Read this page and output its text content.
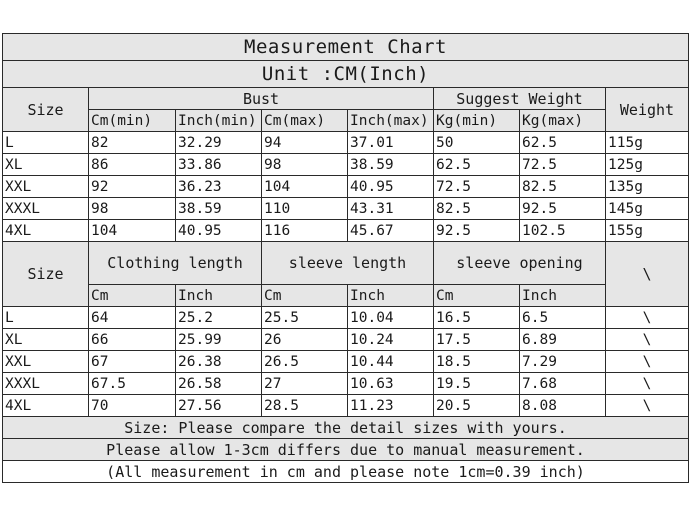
Measurement Chart							
Unit :CM(Inch)							
Size	Bust				Suggest Weight		Weight
	Cm(min)	Inch(min)	Cm(max)	Inch(max)	Kg(min)	Kg(max)	
L	82	32.29	94	37.01	50	62.5	115g
XL	86	33.86	98	38.59	62.5	72.5	125g
XXL	92	36.23	104	40.95	72.5	82.5	135g
XXXL	98	38.59	110	43.31	82.5	92.5	145g
4XL	104	40.95	116	45.67	92.5	102.5	155g
Size	Clothing length		sleeve length		sleeve opening		\
	Cm	Inch	Cm	Inch	Cm	Inch	
L	64	25.2	25.5	10.04	16.5	6.5	\
XL	66	25.99	26	10.24	17.5	6.89	\
XXL	67	26.38	26.5	10.44	18.5	7.29	\
XXXL	67.5	26.58	27	10.63	19.5	7.68	\
4XL	70	27.56	28.5	11.23	20.5	8.08	\
Size: Please compare the detail sizes with yours.							
Please allow 1-3cm differs due to manual measurement.							
(All measurement in cm and please note 1cm=0.39 inch)							
